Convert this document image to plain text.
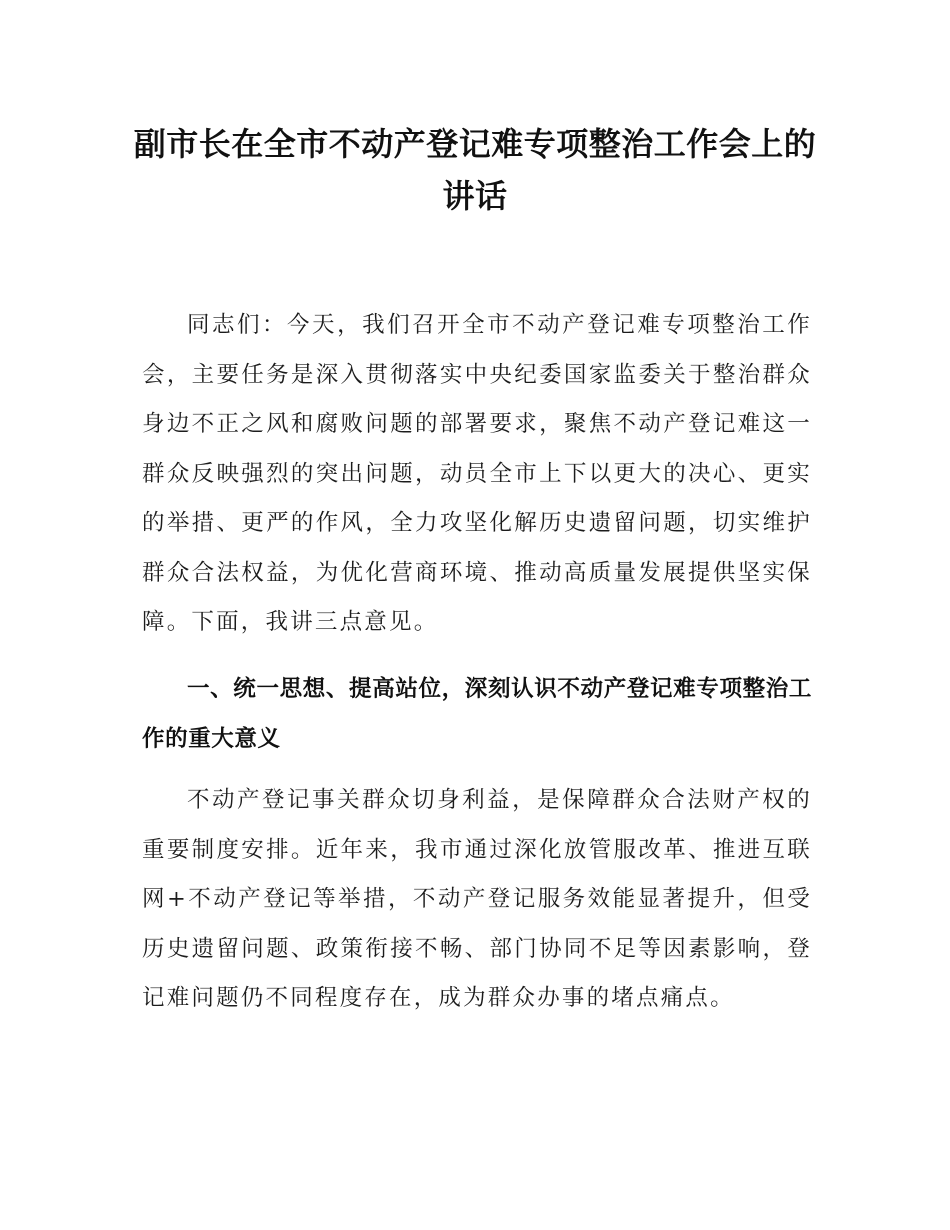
副市长在全市不动产登记难专项整治工作会上的讲话

同志们：今天，我们召开全市不动产登记难专项整治工作会，主要任务是深入贯彻落实中央纪委国家监委关于整治群众身边不正之风和腐败问题的部署要求，聚焦不动产登记难这一群众反映强烈的突出问题，动员全市上下以更大的决心、更实的举措、更严的作风，全力攻坚化解历史遗留问题，切实维护群众合法权益，为优化营商环境、推动高质量发展提供坚实保障。下面，我讲三点意见。

一、统一思想、提高站位，深刻认识不动产登记难专项整治工作的重大意义

不动产登记事关群众切身利益，是保障群众合法财产权的重要制度安排。近年来，我市通过深化放管服改革、推进互联网+不动产登记等举措，不动产登记服务效能显著提升，但受历史遗留问题、政策衔接不畅、部门协同不足等因素影响，登记难问题仍不同程度存在，成为群众办事的堵点痛点。
